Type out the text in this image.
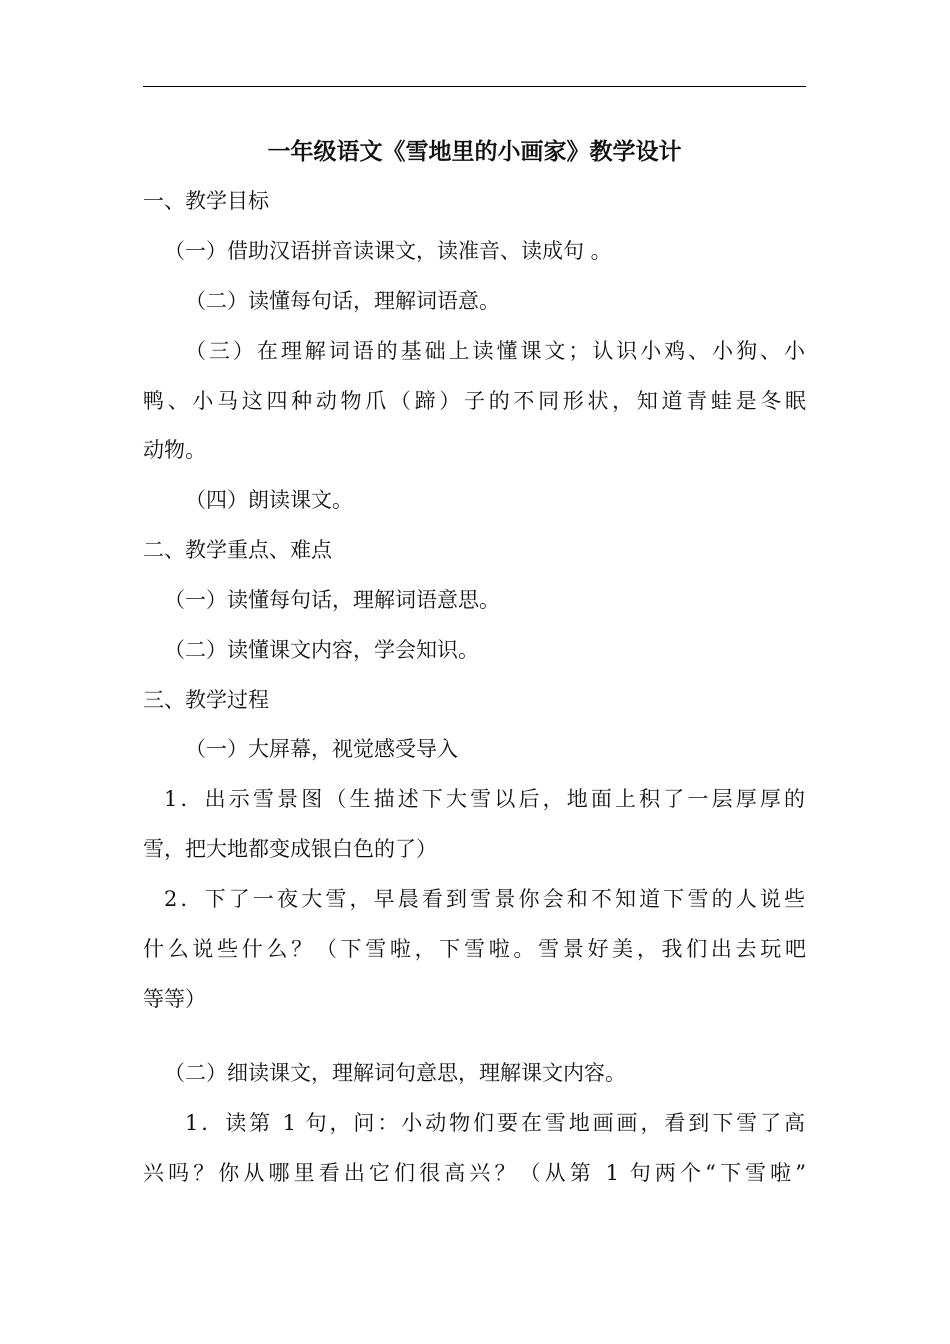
一年级语文《雪地里的小画家》教学设计
一、教学目标
（一）借助汉语拼音读课文，读准音、读成句 。
（二）读懂每句话，理解词语意。
（三）在理解词语的基础上读懂课文；认识小鸡、小狗、小
鸭、小马这四种动物爪（蹄）子的不同形状，知道青蛙是冬眠
动物。
（四）朗读课文。
二、教学重点、难点
（一）读懂每句话，理解词语意思。
（二）读懂课文内容，学会知识。
三、教学过程
（一）大屏幕，视觉感受导入
1．出示雪景图（生描述下大雪以后，地面上积了一层厚厚的
雪，把大地都变成银白色的了）
2．下了一夜大雪，早晨看到雪景你会和不知道下雪的人说些
什么说些什么？（下雪啦，下雪啦。雪景好美，我们出去玩吧
等等）
（二）细读课文，理解词句意思，理解课文内容。
1．读第 1 句，问：小动物们要在雪地画画，看到下雪了高
兴吗？你从哪里看出它们很高兴？（从第 1 句两个“下雪啦”
